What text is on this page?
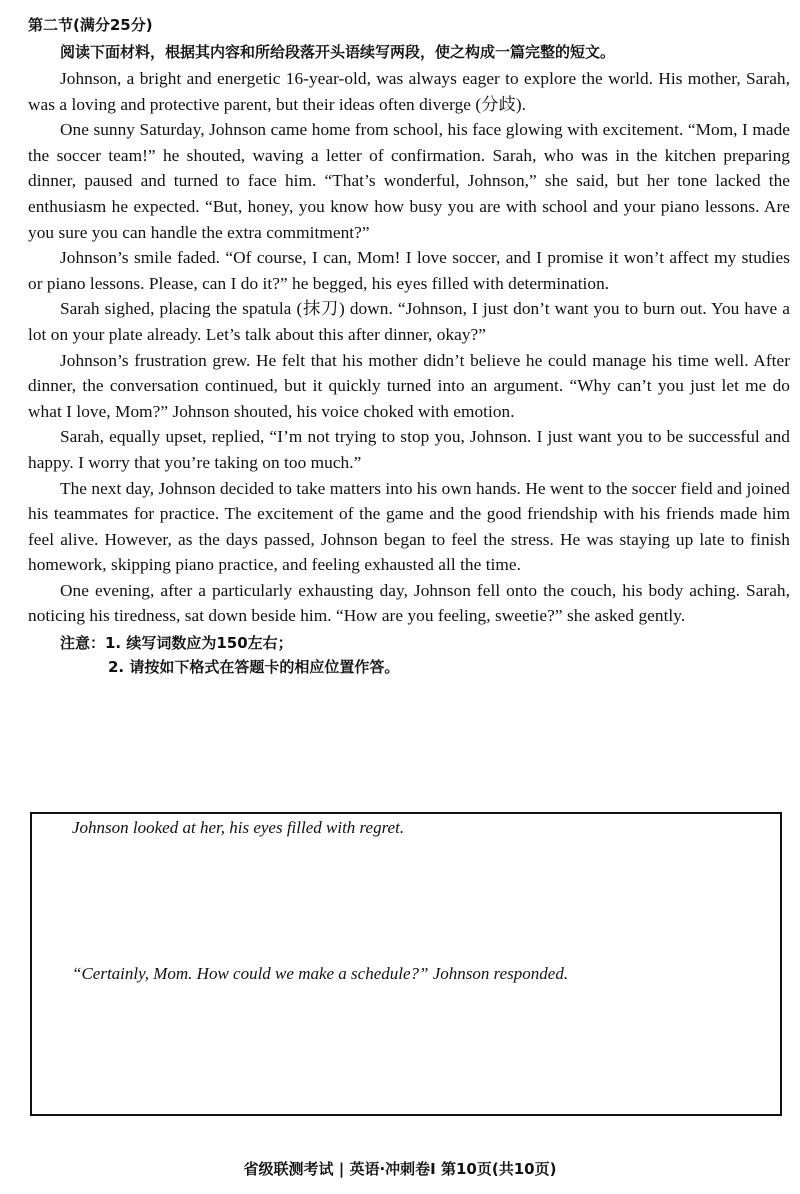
第二节(满分25分)
阅读下面材料，根据其内容和所给段落开头语续写两段，使之构成一篇完整的短文。

Johnson, a bright and energetic 16-year-old, was always eager to explore the world. His mother, Sarah, was a loving and protective parent, but their ideas often diverge (分歧).

One sunny Saturday, Johnson came home from school, his face glowing with excitement. “Mom, I made the soccer team!” he shouted, waving a letter of confirmation. Sarah, who was in the kitchen preparing dinner, paused and turned to face him. “That’s wonderful, Johnson,” she said, but her tone lacked the enthusiasm he expected. “But, honey, you know how busy you are with school and your piano lessons. Are you sure you can handle the extra commitment?”

Johnson’s smile faded. “Of course, I can, Mom! I love soccer, and I promise it won’t affect my studies or piano lessons. Please, can I do it?” he begged, his eyes filled with determination.

Sarah sighed, placing the spatula (抹刀) down. “Johnson, I just don’t want you to burn out. You have a lot on your plate already. Let’s talk about this after dinner, okay?”

Johnson’s frustration grew. He felt that his mother didn’t believe he could manage his time well. After dinner, the conversation continued, but it quickly turned into an argument. “Why can’t you just let me do what I love, Mom?” Johnson shouted, his voice choked with emotion.

Sarah, equally upset, replied, “I’m not trying to stop you, Johnson. I just want you to be successful and happy. I worry that you’re taking on too much.”

The next day, Johnson decided to take matters into his own hands. He went to the soccer field and joined his teammates for practice. The excitement of the game and the good friendship with his friends made him feel alive. However, as the days passed, Johnson began to feel the stress. He was staying up late to finish homework, skipping piano practice, and feeling exhausted all the time.

One evening, after a particularly exhausting day, Johnson fell onto the couch, his body aching. Sarah, noticing his tiredness, sat down beside him. “How are you feeling, sweetie?” she asked gently.

注意：1. 续写词数应为150左右；
2. 请按如下格式在答题卡的相应位置作答。
Johnson looked at her, his eyes filled with regret.
“Certainly, Mom. How could we make a schedule?” Johnson responded.
省级联测考试 | 英语·冲刺卷Ⅰ 第10页(共10页)
